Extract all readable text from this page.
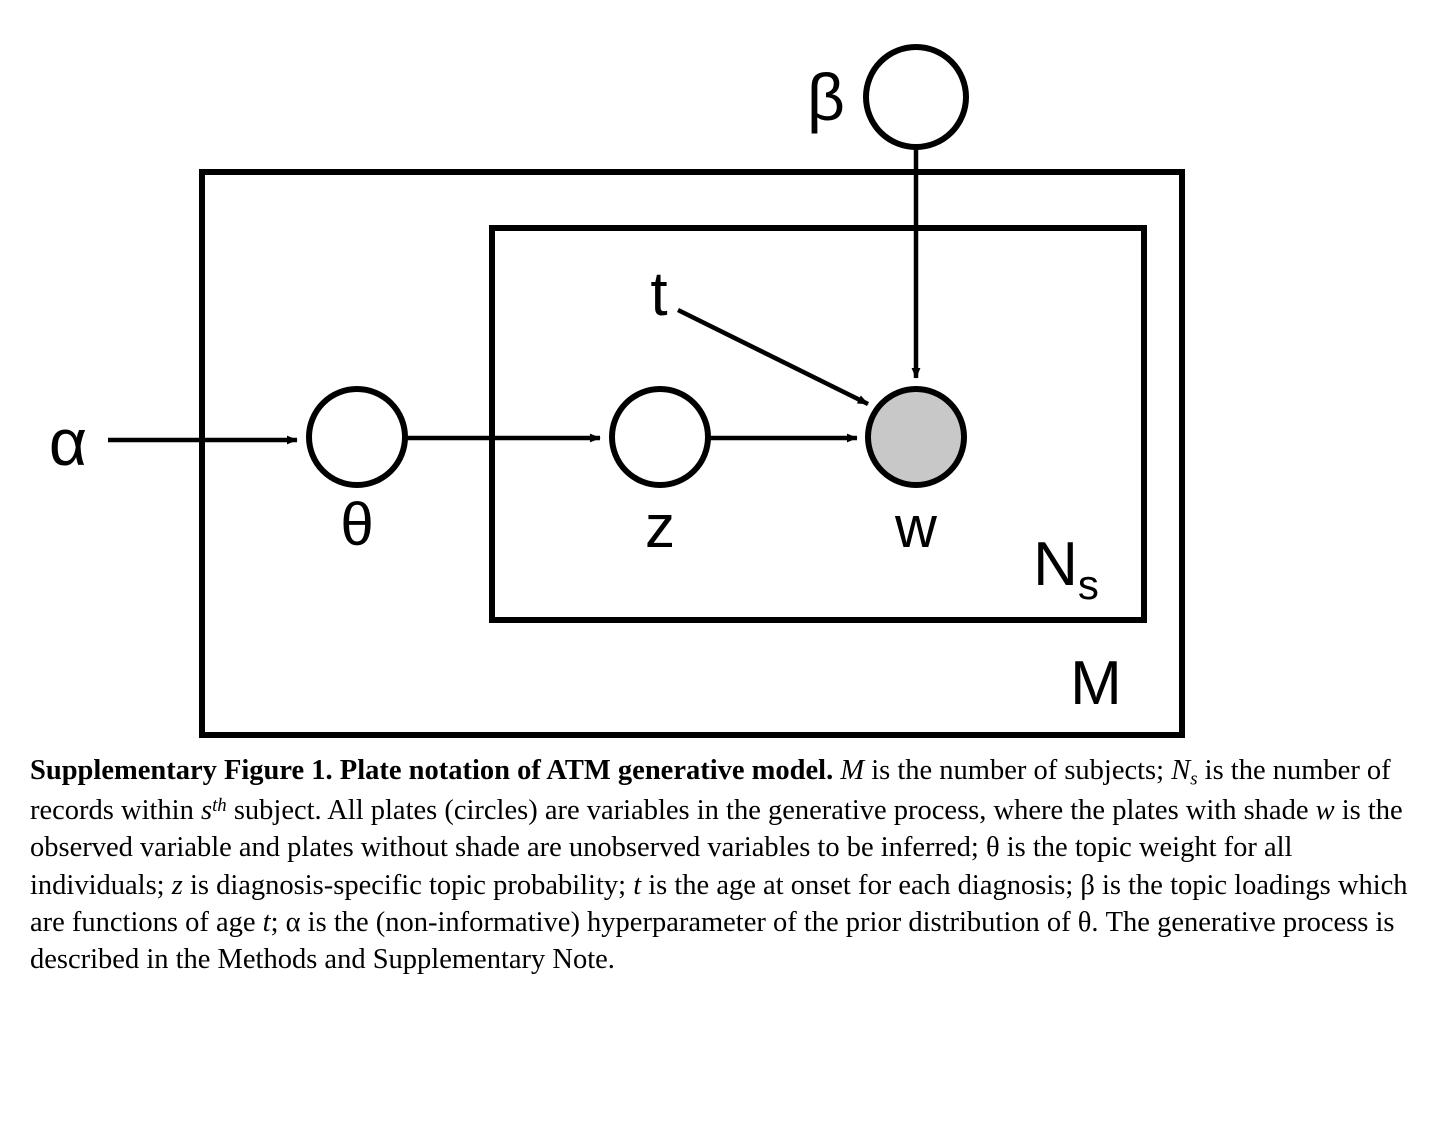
α
β
θ	z	w
t
$N_s$
M
Supplementary Figure 1. Plate notation of ATM generative model. M is the number of subjects; $N_s$ is the number of records within $s^{th}$ subject. All plates (circles) are variables in the generative process, where the plates with shade w is the observed variable and plates without shade are unobserved variables to be inferred; θ is the topic weight for all individuals; z is diagnosis-specific topic probability; t is the age at onset for each diagnosis; β is the topic loadings which are functions of age t; α is the (non-informative) hyperparameter of the prior distribution of θ. The generative process is described in the Methods and Supplementary Note.
